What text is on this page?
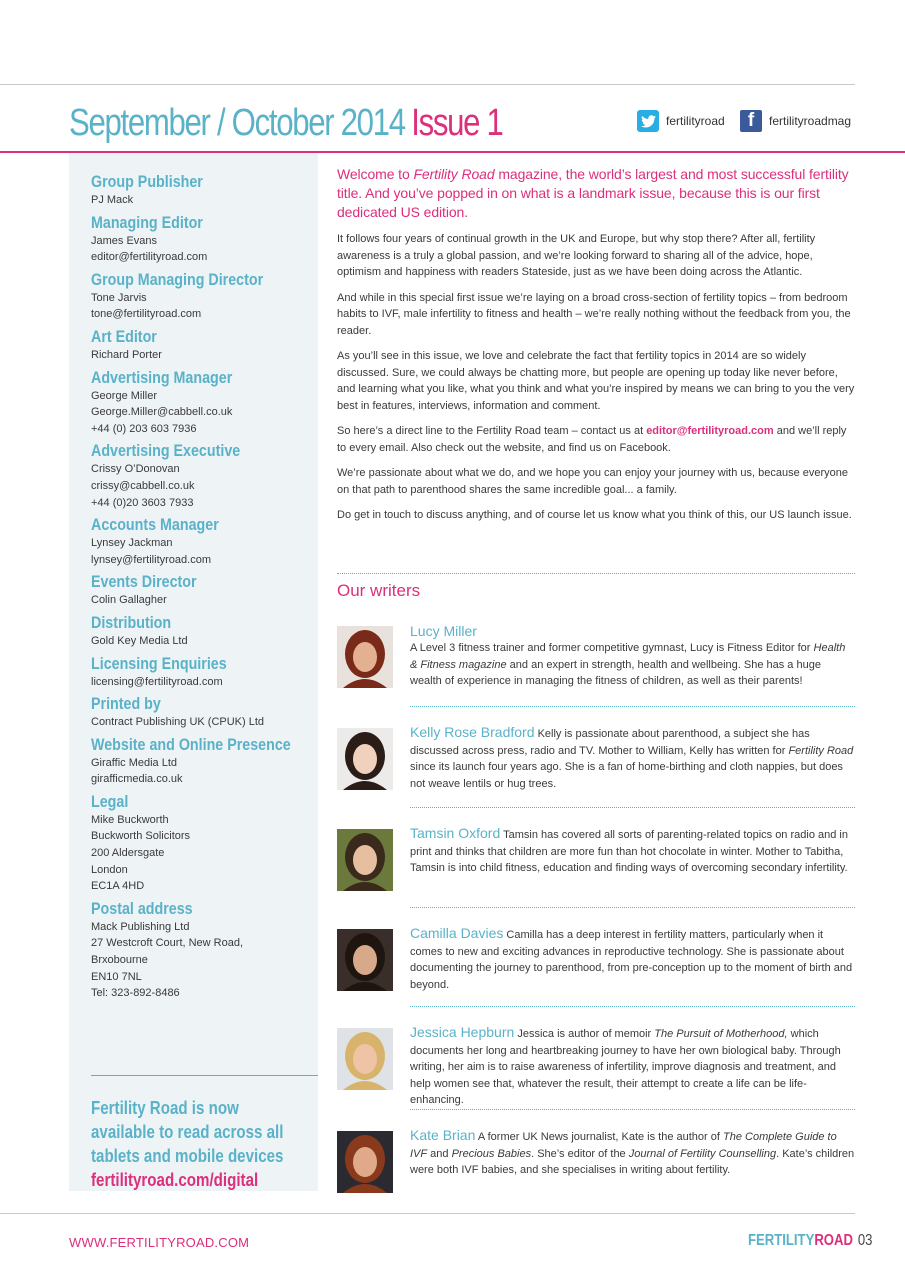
September / October 2014 Issue 1	fertilityroad	f	fertilityroadmag
Group Publisher
PJ Mack
Managing Editor
James Evans
editor@fertilityroad.com
Group Managing Director
Tone Jarvis
tone@fertilityroad.com
Art Editor
Richard Porter
Advertising Manager
George Miller
George.Miller@cabbell.co.uk
+44 (0) 203 603 7936
Advertising Executive
Crissy O’Donovan
crissy@cabbell.co.uk
+44 (0)20 3603 7933
Accounts Manager
Lynsey Jackman
lynsey@fertilityroad.com
Events Director
Colin Gallagher
Distribution
Gold Key Media Ltd
Licensing Enquiries
licensing@fertilityroad.com
Printed by
Contract Publishing UK (CPUK) Ltd
Website and Online Presence
Giraffic Media Ltd
girafficmedia.co.uk
Legal
Mike Buckworth
Buckworth Solicitors
200 Aldersgate
London
EC1A 4HD
Postal address
Mack Publishing Ltd
27 Westcroft Court, New Road,
Brxobourne
EN10 7NL
Tel: 323-892-8486
Fertility Road is now available to read across all tablets and mobile devices fertilityroad.com/digital

Welcome to Fertility Road magazine, the world’s largest and most successful fertility title. And you’ve popped in on what is a landmark issue, because this is our first dedicated US edition.

It follows four years of continual growth in the UK and Europe, but why stop there? After all, fertility awareness is a truly a global passion, and we’re looking forward to sharing all of the advice, hope, optimism and happiness with readers Stateside, just as we have been doing across the Atlantic.

And while in this special first issue we’re laying on a broad cross-section of fertility topics – from bedroom habits to IVF, male infertility to fitness and health – we’re really nothing without the feedback from you, the reader.

As you’ll see in this issue, we love and celebrate the fact that fertility topics in 2014 are so widely discussed. Sure, we could always be chatting more, but people are opening up today like never before, and learning what you like, what you think and what you’re inspired by means we can bring to you the very best in features, interviews, information and comment.

So here’s a direct line to the Fertility Road team – contact us at editor@fertilityroad.com and we’ll reply to every email. Also check out the website, and find us on Facebook.

We’re passionate about what we do, and we hope you can enjoy your journey with us, because everyone on that path to parenthood shares the same incredible goal... a family.

Do get in touch to discuss anything, and of course let us know what you think of this, our US launch issue.

Our writers
Lucy Miller
A Level 3 fitness trainer and former competitive gymnast, Lucy is Fitness Editor for Health & Fitness magazine and an expert in strength, health and wellbeing. She has a huge wealth of experience in managing the fitness of children, as well as their parents!
Kelly Rose Bradford Kelly is passionate about parenthood, a subject she has discussed across press, radio and TV. Mother to William, Kelly has written for Fertility Road since its launch four years ago. She is a fan of home-birthing and cloth nappies, but does not weave lentils or hug trees.
Tamsin Oxford Tamsin has covered all sorts of parenting-related topics on radio and in print and thinks that children are more fun than hot chocolate in winter. Mother to Tabitha, Tamsin is into child fitness, education and finding ways of overcoming secondary infertility.
Camilla Davies Camilla has a deep interest in fertility matters, particularly when it comes to new and exciting advances in reproductive technology. She is passionate about documenting the journey to parenthood, from pre-conception up to the moment of birth and beyond.
Jessica Hepburn Jessica is author of memoir The Pursuit of Motherhood, which documents her long and heartbreaking journey to have her own biological baby. Through writing, her aim is to raise awareness of infertility, improve diagnosis and treatment, and help women see that, whatever the result, their attempt to create a life can be life-enhancing.
Kate Brian A former UK News journalist, Kate is the author of The Complete Guide to IVF and Precious Babies. She’s editor of the Journal of Fertility Counselling. Kate’s children were both IVF babies, and she specialises in writing about fertility.
WWW.FERTILITYROAD.COM	FERTILITYROAD 03
